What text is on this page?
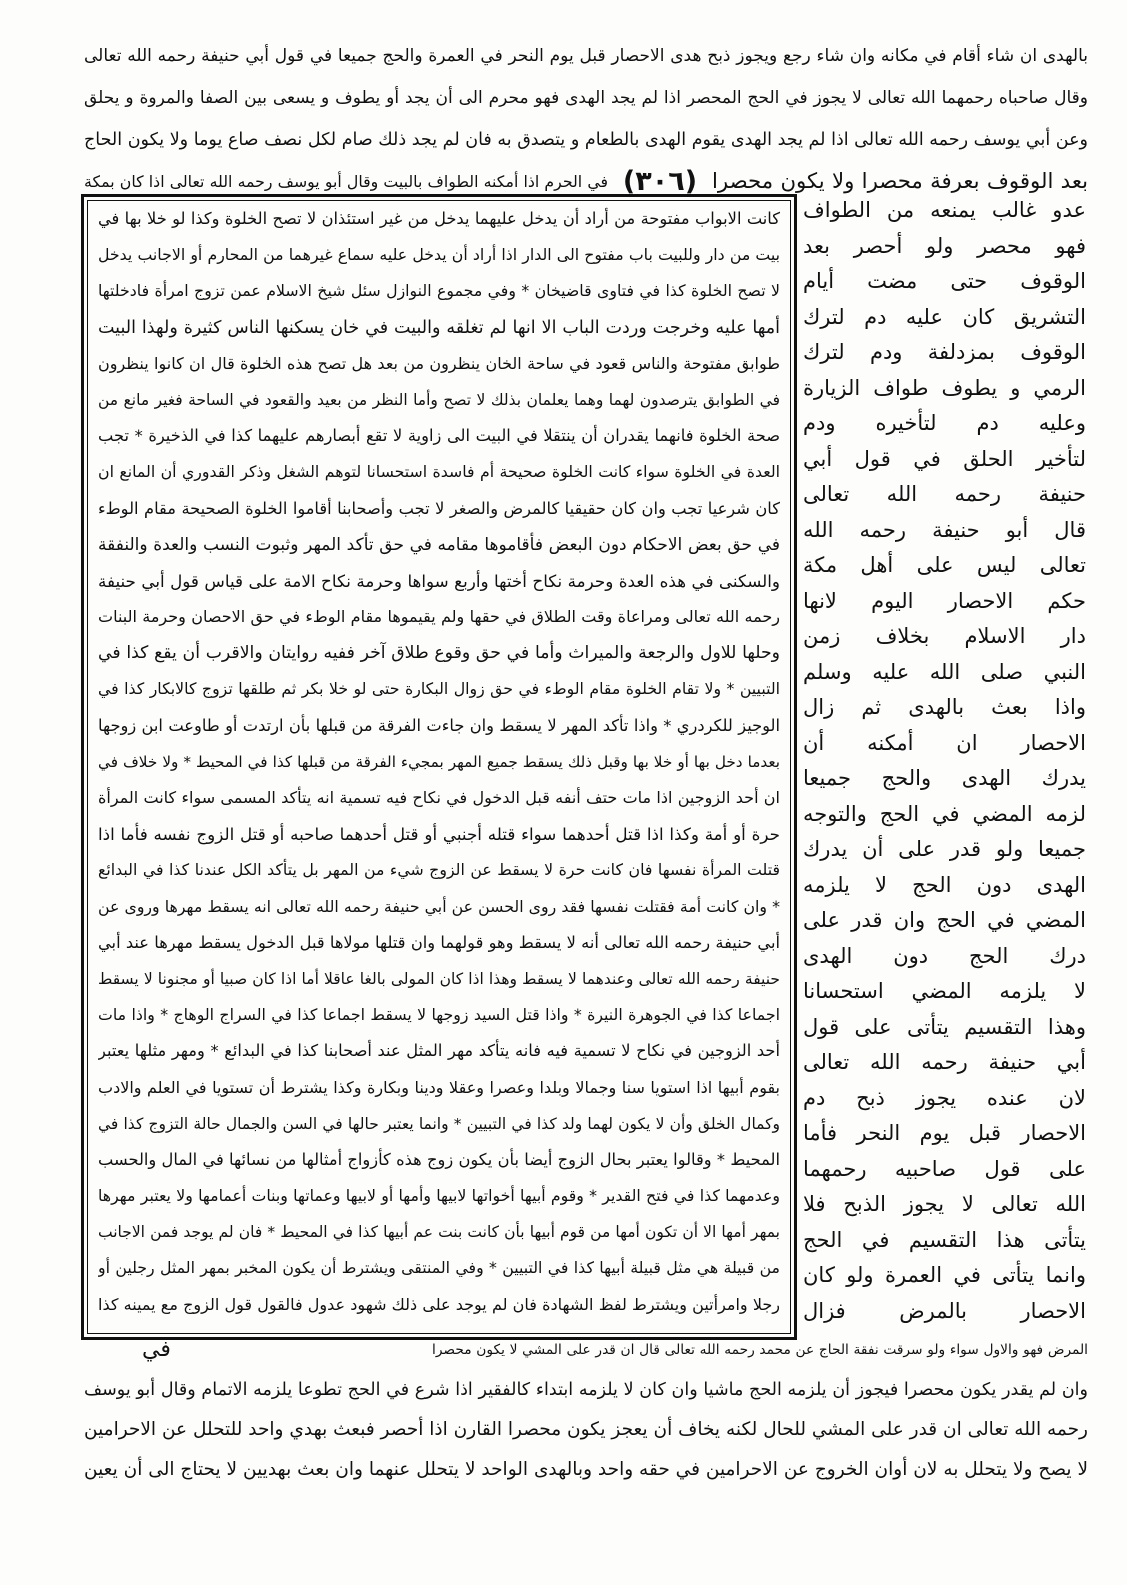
بالهدى ان شاء أقام في مكانه وان شاء رجع ويجوز ذبح هدى الاحصار قبل يوم النحر في العمرة والحج جميعا في قول أبي حنيفة رحمه الله تعالى
وقال صاحباه رحمهما الله تعالى لا يجوز في الحج المحصر اذا لم يجد الهدى فهو محرم الى أن يجد أو يطوف و يسعى بين الصفا والمروة و يحلق
وعن أبي يوسف رحمه الله تعالى اذا لم يجد الهدى يقوم الهدى بالطعام و يتصدق به فان لم يجد ذلك صام لكل نصف صاع يوما ولا يكون الحاج
بعد الوقوف بعرفة محصرا ولا يكون محصرا
(٣٠٦)
في الحرم اذا أمكنه الطواف بالبيت وقال أبو يوسف رحمه الله تعالى اذا كان بمكة
كانت الابواب مفتوحة من أراد أن يدخل عليهما يدخل من غير استئذان لا تصح الخلوة وكذا لو خلا بها في
بيت من دار وللبيت باب مفتوح الى الدار اذا أراد أن يدخل عليه سماع غيرهما من المحارم أو الاجانب يدخل
لا تصح الخلوة كذا في فتاوى قاضيخان * وفي مجموع النوازل سئل شيخ الاسلام عمن تزوج امرأة فادخلتها
أمها عليه وخرجت وردت الباب الا انها لم تغلقه والبيت في خان يسكنها الناس كثيرة ولهذا البيت
طوابق مفتوحة والناس قعود في ساحة الخان ينظرون من بعد هل تصح هذه الخلوة قال ان كانوا ينظرون
في الطوابق يترصدون لهما وهما يعلمان بذلك لا تصح وأما النظر من بعيد والقعود في الساحة فغير مانع من
صحة الخلوة فانهما يقدران أن ينتقلا في البيت الى زاوية لا تقع أبصارهم عليهما كذا في الذخيرة * تجب
العدة في الخلوة سواء كانت الخلوة صحيحة أم فاسدة استحسانا لتوهم الشغل وذكر القدوري أن المانع ان
كان شرعيا تجب وان كان حقيقيا كالمرض والصغر لا تجب وأصحابنا أقاموا الخلوة الصحيحة مقام الوطء
في حق بعض الاحكام دون البعض فأقاموها مقامه في حق تأكد المهر وثبوت النسب والعدة والنفقة
والسكنى في هذه العدة وحرمة نكاح أختها وأربع سواها وحرمة نكاح الامة على قياس قول أبي حنيفة
رحمه الله تعالى ومراعاة وقت الطلاق في حقها ولم يقيموها مقام الوطء في حق الاحصان وحرمة البنات
وحلها للاول والرجعة والميراث وأما في حق وقوع طلاق آخر ففيه روايتان والاقرب أن يقع كذا في
التبيين * ولا تقام الخلوة مقام الوطء في حق زوال البكارة حتى لو خلا بكر ثم طلقها تزوج كالابكار كذا في
الوجيز للكردري * واذا تأكد المهر لا يسقط وان جاءت الفرقة من قبلها بأن ارتدت أو طاوعت ابن زوجها
بعدما دخل بها أو خلا بها وقبل ذلك يسقط جميع المهر بمجيء الفرقة من قبلها كذا في المحيط * ولا خلاف في
ان أحد الزوجين اذا مات حتف أنفه قبل الدخول في نكاح فيه تسمية انه يتأكد المسمى سواء كانت المرأة
حرة أو أمة وكذا اذا قتل أحدهما سواء قتله أجنبي أو قتل أحدهما صاحبه أو قتل الزوج نفسه فأما اذا
قتلت المرأة نفسها فان كانت حرة لا يسقط عن الزوج شيء من المهر بل يتأكد الكل عندنا كذا في البدائع
* وان كانت أمة فقتلت نفسها فقد روى الحسن عن أبي حنيفة رحمه الله تعالى انه يسقط مهرها وروى عن
أبي حنيفة رحمه الله تعالى أنه لا يسقط وهو قولهما وان قتلها مولاها قبل الدخول يسقط مهرها عند أبي
حنيفة رحمه الله تعالى وعندهما لا يسقط وهذا اذا كان المولى بالغا عاقلا أما اذا كان صبيا أو مجنونا لا يسقط
اجماعا كذا في الجوهرة النيرة * واذا قتل السيد زوجها لا يسقط اجماعا كذا في السراج الوهاج * واذا مات
أحد الزوجين في نكاح لا تسمية فيه فانه يتأكد مهر المثل عند أصحابنا كذا في البدائع * ومهر مثلها يعتبر
بقوم أبيها اذا استويا سنا وجمالا وبلدا وعصرا وعقلا ودينا وبكارة وكذا يشترط أن تستويا في العلم والادب
وكمال الخلق وأن لا يكون لهما ولد كذا في التبيين * وانما يعتبر حالها في السن والجمال حالة التزوج كذا في
المحيط * وقالوا يعتبر بحال الزوج أيضا بأن يكون زوج هذه كأزواج أمثالها من نسائها في المال والحسب
وعدمهما كذا في فتح القدير * وقوم أبيها أخواتها لابيها وأمها أو لابيها وعماتها وبنات أعمامها ولا يعتبر مهرها
بمهر أمها الا أن تكون أمها من قوم أبيها بأن كانت بنت عم أبيها كذا في المحيط * فان لم يوجد فمن الاجانب
من قبيلة هي مثل قبيلة أبيها كذا في التبيين * وفي المنتقى ويشترط أن يكون المخبر بمهر المثل رجلين أو
رجلا وامرأتين ويشترط لفظ الشهادة فان لم يوجد على ذلك شهود عدول فالقول قول الزوج مع يمينه كذا
عدو غالب يمنعه من الطواف
فهو محصر ولو أحصر بعد
الوقوف حتى مضت أيام
التشريق كان عليه دم لترك
الوقوف بمزدلفة ودم لترك
الرمي و يطوف طواف الزيارة
وعليه دم لتأخيره ودم
لتأخير الحلق في قول أبي
حنيفة رحمه الله تعالى
قال أبو حنيفة رحمه الله
تعالى ليس على أهل مكة
حكم الاحصار اليوم لانها
دار الاسلام بخلاف زمن
النبي صلى الله عليه وسلم
واذا بعث بالهدى ثم زال
الاحصار ان أمكنه أن
يدرك الهدى والحج جميعا
لزمه المضي في الحج والتوجه
جميعا ولو قدر على أن يدرك
الهدى دون الحج لا يلزمه
المضي في الحج وان قدر على
درك الحج دون الهدى
لا يلزمه المضي استحسانا
وهذا التقسيم يتأتى على قول
أبي حنيفة رحمه الله تعالى
لان عنده يجوز ذبح دم
الاحصار قبل يوم النحر فأما
على قول صاحبيه رحمهما
الله تعالى لا يجوز الذبح فلا
يتأتى هذا التقسيم في الحج
وانما يتأتى في العمرة ولو كان
الاحصار بالمرض فزال
المرض فهو والاول سواء ولو سرقت نفقة الحاج عن محمد رحمه الله تعالى قال ان قدر على المشي لا يكون محصرا
في
وان لم يقدر يكون محصرا فيجوز أن يلزمه الحج ماشيا وان كان لا يلزمه ابتداء كالفقير اذا شرع في الحج تطوعا يلزمه الاتمام وقال أبو يوسف
رحمه الله تعالى ان قدر على المشي للحال لكنه يخاف أن يعجز يكون محصرا القارن اذا أحصر فبعث بهدي واحد للتحلل عن الاحرامين
لا يصح ولا يتحلل به لان أوان الخروج عن الاحرامين في حقه واحد وبالهدى الواحد لا يتحلل عنهما وان بعث بهديين لا يحتاج الى أن يعين
